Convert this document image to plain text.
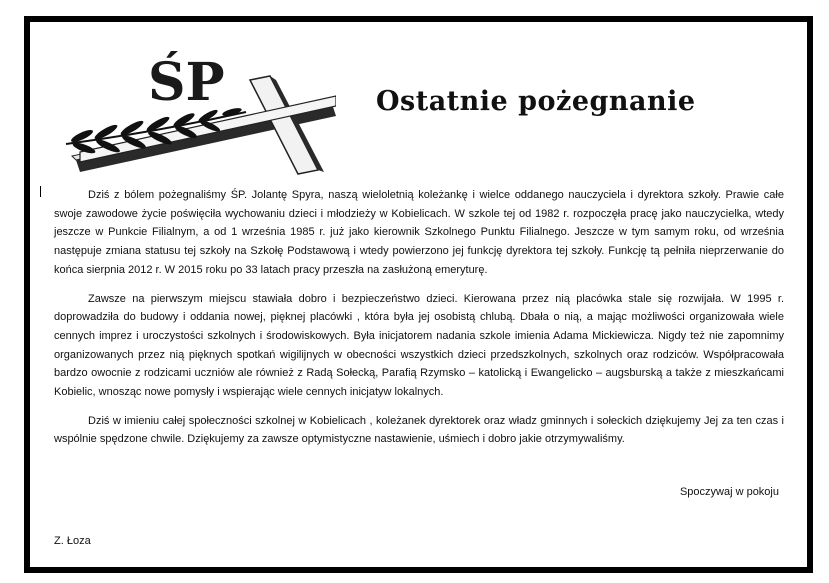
ŚP	Ostatnie pożegnanie

Dziś z bólem pożegnaliśmy ŚP. Jolantę Spyra, naszą wieloletnią koleżankę i wielce oddanego nauczyciela i dyrektora szkoły. Prawie całe swoje zawodowe życie poświęciła wychowaniu dzieci i młodzieży w Kobielicach. W szkole tej od 1982 r. rozpoczęła pracę jako nauczycielka, wtedy jeszcze w Punkcie Filialnym, a od 1 września 1985 r. już jako kierownik Szkolnego Punktu Filialnego. Jeszcze w tym samym roku, od września następuje zmiana statusu tej szkoły na Szkołę Podstawową i wtedy powierzono jej funkcję dyrektora tej szkoły. Funkcję tą pełniła nieprzerwanie do końca sierpnia 2012 r. W 2015 roku po 33 latach pracy przeszła na zasłużoną emeryturę.

Zawsze na pierwszym miejscu stawiała dobro i bezpieczeństwo dzieci. Kierowana przez nią placówka stale się rozwijała. W 1995 r. doprowadziła do budowy i oddania nowej, pięknej placówki , która była jej osobistą chlubą. Dbała o nią, a mając możliwości organizowała wiele cennych imprez i uroczystości szkolnych i środowiskowych. Była inicjatorem nadania szkole imienia Adama Mickiewicza. Nigdy też nie zapomnimy organizowanych przez nią pięknych spotkań wigilijnych w obecności wszystkich dzieci przedszkolnych, szkolnych oraz rodziców. Współpracowała bardzo owocnie z rodzicami uczniów ale również z Radą Sołecką, Parafią Rzymsko – katolicką i Ewangelicko – augsburską a także z mieszkańcami Kobielic, wnosząc nowe pomysły i wspierając wiele cennych inicjatyw lokalnych.

Dziś w imieniu całej społeczności szkolnej w Kobielicach , koleżanek dyrektorek oraz władz gminnych i sołeckich dziękujemy Jej za ten czas i wspólnie spędzone chwile. Dziękujemy za zawsze optymistyczne nastawienie, uśmiech i dobro jakie otrzymywaliśmy.

Spoczywaj w pokoju
Z. Łoza
